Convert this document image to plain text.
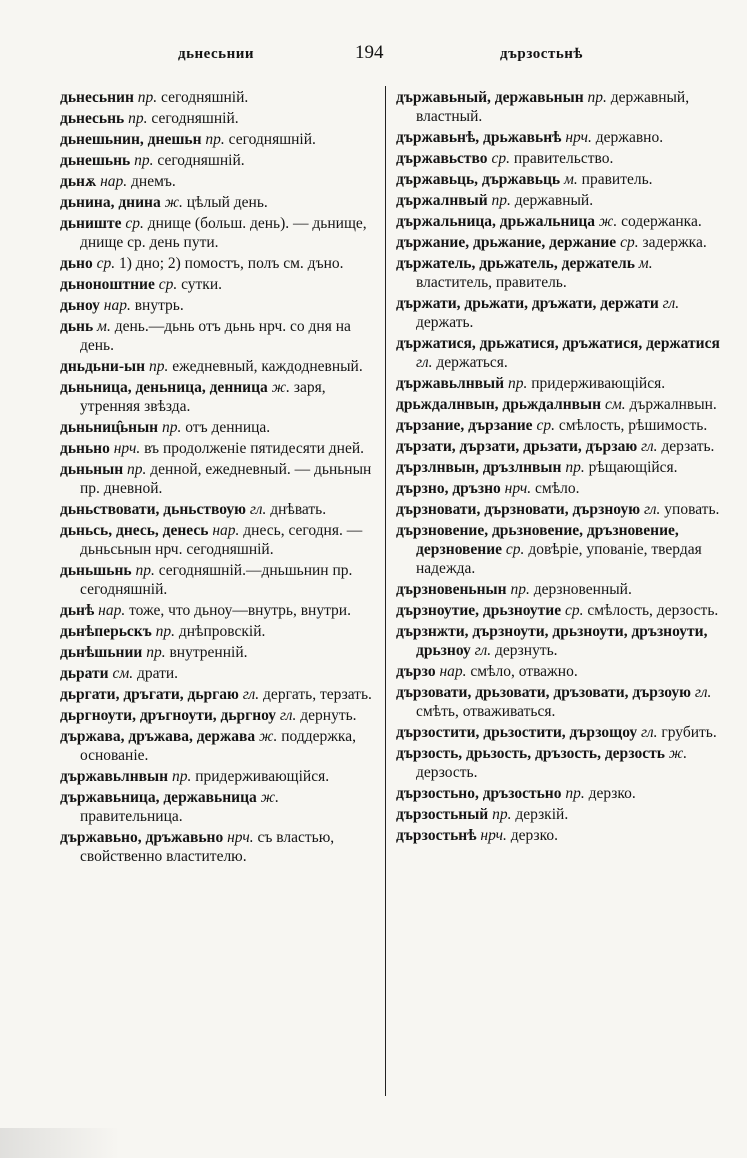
дьнесьнии	194	дързостьнѣ
дьнесьнин пр. сегодняшній.
дьнесьнь пр. сегодняшній.
дьнешьнин, днешьн пр. сегодняшній.
дьнешьнь пр. сегодняшній.
дьнѫ нар. днемъ.
дьнина, днина ж. цѣлый день.
дьниште ср. днище (больш. день). — дьнище, днище ср. день пути.
дьно ср. 1) дно; 2) помостъ, полъ см. дъно.
дьноноштние ср. сутки.
дьноу нар. внутрь.
дьнь м. день.—дьнь отъ дьнь нрч. со дня на день.
дньдьни-ын пр. ежедневный, каждодневный.
дьньница, деньница, денница ж. заря, утренняя звѣзда.
дьньниц̑ьнын пр. отъ денница.
дьньно нрч. въ продолженіе пятидесяти дней.
дьньнын пр. денной, ежедневный. — дьньнын пр. дневной.
дьньствовати, дьньствоую гл. днѣвать.
дьньсь, днесь, денесь нар. днесь, сегодня. — дьньсьнын нрч. сегодняшній.
дьньшьнь пр. сегодняшній.—дньшьнин пр. сегодняшній.
дьнѣ нар. тоже, что дьноу—внутрь, внутри.
дьнѣперьскъ пр. днѣпровскій.
дьнѣшьнии пр. внутренній.
дьрати см. драти.
дьргати, дръгати, дьргаю гл. дергать, терзать.
дьргноути, дръгноути, дьргноу гл. дернуть.
държава, дръжава, держава ж. поддержка, основаніе.
държавьлнвын пр. придерживающійся.
държавьница, державьница ж. правительница.
държавьно, дръжавьно нрч. съ властью, свойственно властителю.
държавьный, державьнын пр. державный, властный.
държавьнѣ, дрьжавьнѣ нрч. державно.
държавьство ср. правительство.
държавьць, държавьць м. правитель.
държалнвый пр. державный.
държальница, дрьжальница ж. содержанка.
държание, дрьжание, держание ср. задержка.
държатель, дрьжатель, держатель м. властитель, правитель.
държати, дрьжати, дръжати, держати гл. держать.
държатися, дрьжатися, дръжатися, держатися гл. держаться.
държавьлнвый пр. придерживающійся.
дрьждалнвын, дрьждалнвын см. държалнвын.
дързание, дързание ср. смѣлость, рѣшимость.
дързати, дързати, дрьзати, дързаю гл. дерзать.
дързлнвын, дръзлнвын пр. рѣщающійся.
дързно, дръзно нрч. смѣло.
дързновати, дързновати, дързноую гл. уповать.
дързновение, дрьзновение, дръзновение, дерзновение ср. довѣріе, упованіе, твердая надежда.
дързновеньнын пр. дерзновенный.
дързноутие, дрьзноутие ср. смѣлость, дерзость.
дързнжти, дързноути, дрьзноути, дръзноути, дрьзноу гл. дерзнуть.
дързо нар. смѣло, отважно.
дързовати, дрьзовати, дръзовати, дързоую гл. смѣть, отваживаться.
дързостити, дрьзостити, дързощоу гл. грубить.
дързость, дрьзость, дръзость, дерзость ж. дерзость.
дързостьно, дръзостьно пр. дерзко.
дързостьный пр. дерзкій.
дързостьнѣ нрч. дерзко.
